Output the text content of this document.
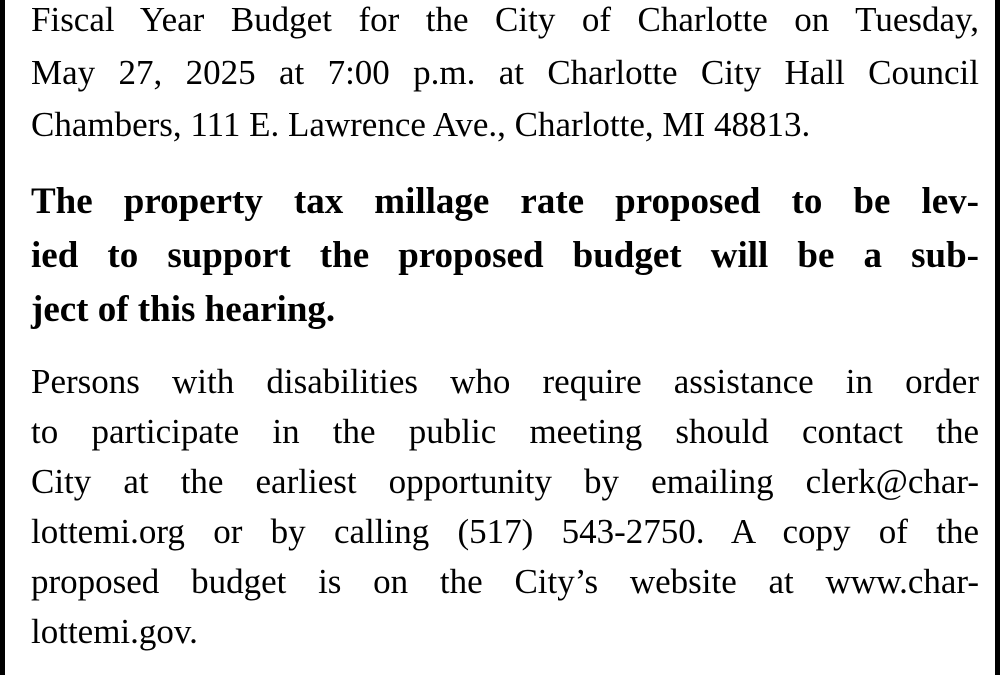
Fiscal Year Budget for the City of Charlotte on Tuesday,
May 27, 2025 at 7:00 p.m. at Charlotte City Hall Council
Chambers, 111 E. Lawrence Ave., Charlotte, MI 48813.
The property tax millage rate proposed to be lev-
ied to support the proposed budget will be a sub-
ject of this hearing.
Persons with disabilities who require assistance in order
to participate in the public meeting should contact the
City at the earliest opportunity by emailing clerk@char-
lottemi.org or by calling (517) 543-2750. A copy of the
proposed budget is on the City’s website at www.char-
lottemi.gov.
